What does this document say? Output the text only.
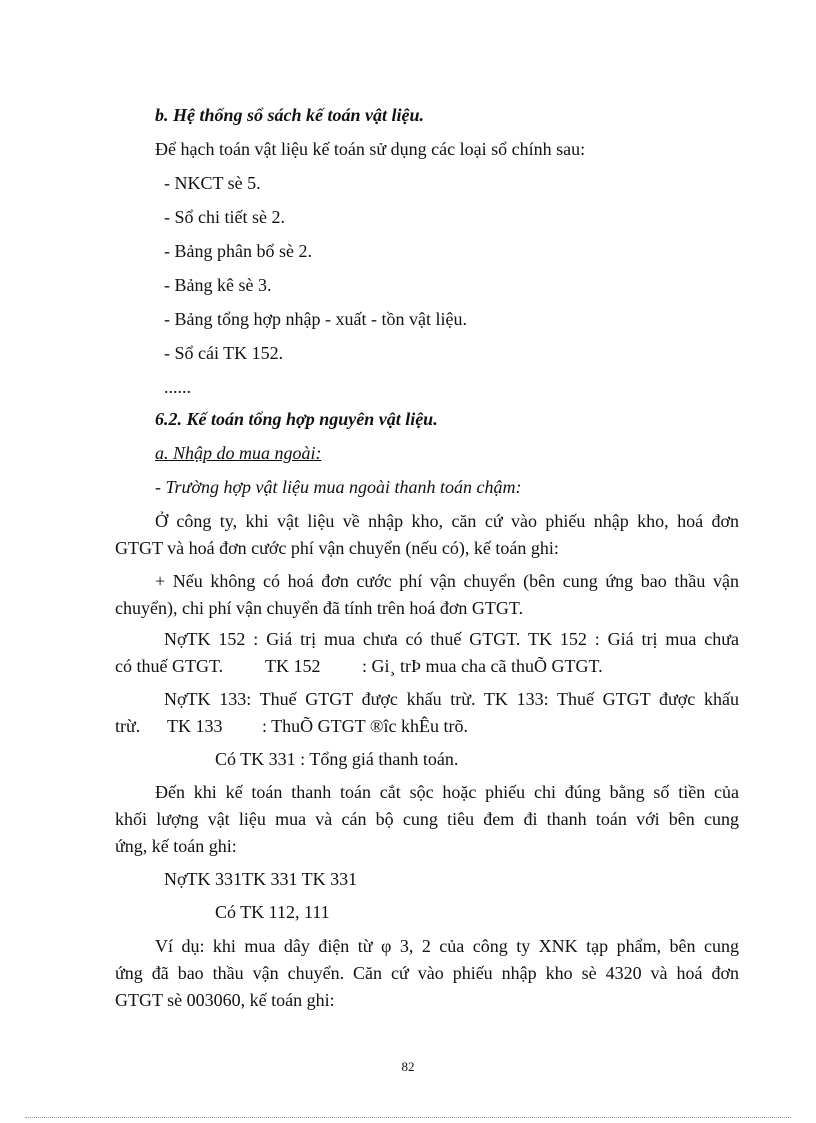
b. Hệ thống sổ sách kế toán vật liệu.
Để hạch toán vật liệu kế toán sử dụng các loại sổ chính sau:
- NKCT sè 5.
- Sổ chi tiết sè 2.
- Bảng phân bổ sè 2.
- Bảng kê sè 3.
- Bảng tổng hợp nhập - xuất - tồn vật liệu.
- Sổ cái TK 152.
......
6.2. Kế toán tổng hợp nguyên vật liệu.
a. Nhập do mua ngoài:
- Trường hợp vật liệu mua ngoài thanh toán chậm:
Ở công ty, khi vật liệu về nhập kho, căn cứ vào phiếu nhập kho, hoá đơn
GTGT và hoá đơn cước phí vận chuyển (nếu có), kế toán ghi:
+ Nếu không có hoá đơn cước phí vận chuyển (bên cung ứng bao thầu vận
chuyển), chi phí vận chuyển đã tính trên hoá đơn GTGT.
NợTK 152 : Giá trị mua chưa có thuế GTGT. TK 152 : Giá trị mua chưa
có thuế GTGT. TK 152 : Gi¸ trÞ mua cha cã thuÕ GTGT.
NợTK 133: Thuế GTGT được khấu trừ. TK 133: Thuế GTGT được khấu
trừ. TK 133 : ThuÕ GTGT ®îc khÊu trõ.
Có TK 331 : Tổng giá thanh toán.
Đến khi kế toán thanh toán cắt sộc hoặc phiếu chi đúng bằng số tiền của
khối lượng vật liệu mua và cán bộ cung tiêu đem đi thanh toán với bên cung
ứng, kế toán ghi:
NợTK 331TK 331 TK 331
Có TK 112, 111
Ví dụ: khi mua dây điện từ φ 3, 2 của công ty XNK tạp phẩm, bên cung
ứng đã bao thầu vận chuyển. Căn cứ vào phiếu nhập kho sè 4320 và hoá đơn
GTGT sè 003060, kế toán ghi:
82
